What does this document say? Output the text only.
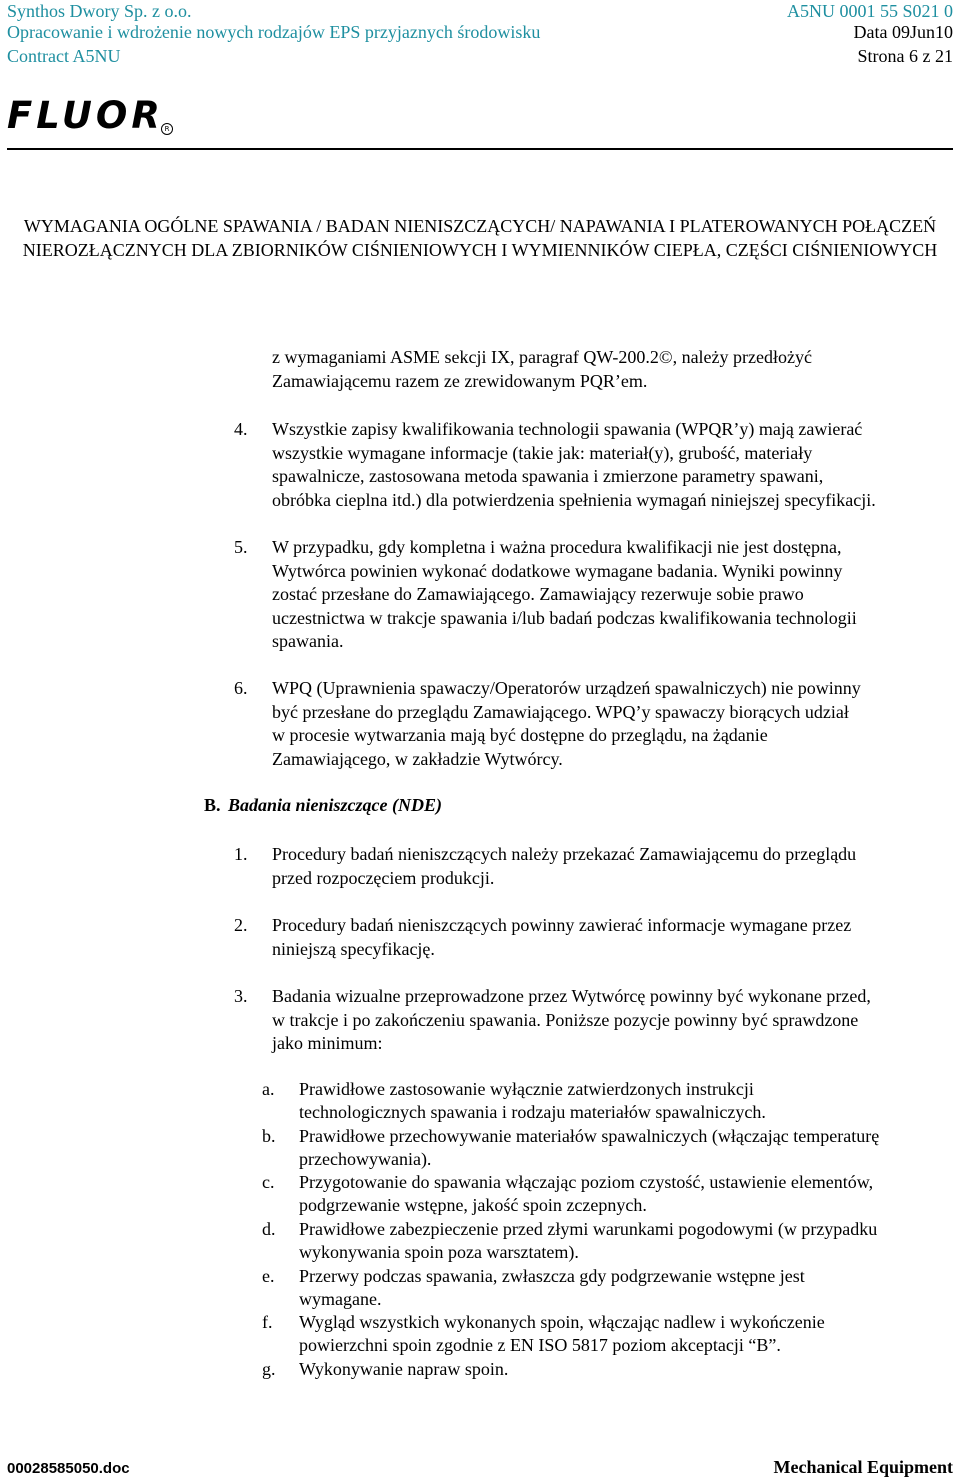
Synthos Dwory Sp. z o.o.	A5NU 0001 55 S021 0
Opracowanie i wdrożenie nowych rodzajów EPS przyjaznych środowisku	Data 09Jun10
Contract A5NU	Strona 6 z 21
FLUOR R
WYMAGANIA OGÓLNE SPAWANIA / BADAN NIENISZCZĄCYCH/ NAPAWANIA I PLATEROWANYCH POŁĄCZEŃ NIEROZŁĄCZNYCH DLA ZBIORNIKÓW CIŚNIENIOWYCH I WYMIENNIKÓW CIEPŁA, CZĘŚCI CIŚNIENIOWYCH
z wymaganiami ASME sekcji IX, paragraf QW-200.2©, należy przedłożyć
Zamawiającemu razem ze zrewidowanym PQR’em.
4. Wszystkie zapisy kwalifikowania technologii spawania (WPQR’y) mają zawierać
wszystkie wymagane informacje (takie jak: materiał(y), grubość, materiały
spawalnicze, zastosowana metoda spawania i zmierzone parametry spawani,
obróbka cieplna itd.) dla potwierdzenia spełnienia wymagań niniejszej specyfikacji.
5. W przypadku, gdy kompletna i ważna procedura kwalifikacji nie jest dostępna,
Wytwórca powinien wykonać dodatkowe wymagane badania. Wyniki powinny
zostać przesłane do Zamawiającego. Zamawiający rezerwuje sobie prawo
uczestnictwa w trakcje spawania i/lub badań podczas kwalifikowania technologii
spawania.
6. WPQ (Uprawnienia spawaczy/Operatorów urządzeń spawalniczych) nie powinny
być przesłane do przeglądu Zamawiającego. WPQ’y spawaczy biorących udział
w procesie wytwarzania mają być dostępne do przeglądu, na żądanie
Zamawiającego, w zakładzie Wytwórcy.
B. Badania nieniszczące (NDE)
1. Procedury badań nieniszczących należy przekazać Zamawiającemu do przeglądu
przed rozpoczęciem produkcji.
2. Procedury badań nieniszczących powinny zawierać informacje wymagane przez
niniejszą specyfikację.
3. Badania wizualne przeprowadzone przez Wytwórcę powinny być wykonane przed,
w trakcje i po zakończeniu spawania. Poniższe pozycje powinny być sprawdzone
jako minimum:
a. Prawidłowe zastosowanie wyłącznie zatwierdzonych instrukcji
technologicznych spawania i rodzaju materiałów spawalniczych.
b. Prawidłowe przechowywanie materiałów spawalniczych (włączając temperaturę
przechowywania).
c. Przygotowanie do spawania włączając poziom czystość, ustawienie elementów,
podgrzewanie wstępne, jakość spoin zczepnych.
d. Prawidłowe zabezpieczenie przed złymi warunkami pogodowymi (w przypadku
wykonywania spoin poza warsztatem).
e. Przerwy podczas spawania, zwłaszcza gdy podgrzewanie wstępne jest
wymagane.
f. Wygląd wszystkich wykonanych spoin, włączając nadlew i wykończenie
powierzchni spoin zgodnie z EN ISO 5817 poziom akceptacji “B”.
g. Wykonywanie napraw spoin.
00028585050.doc	Mechanical Equipment
